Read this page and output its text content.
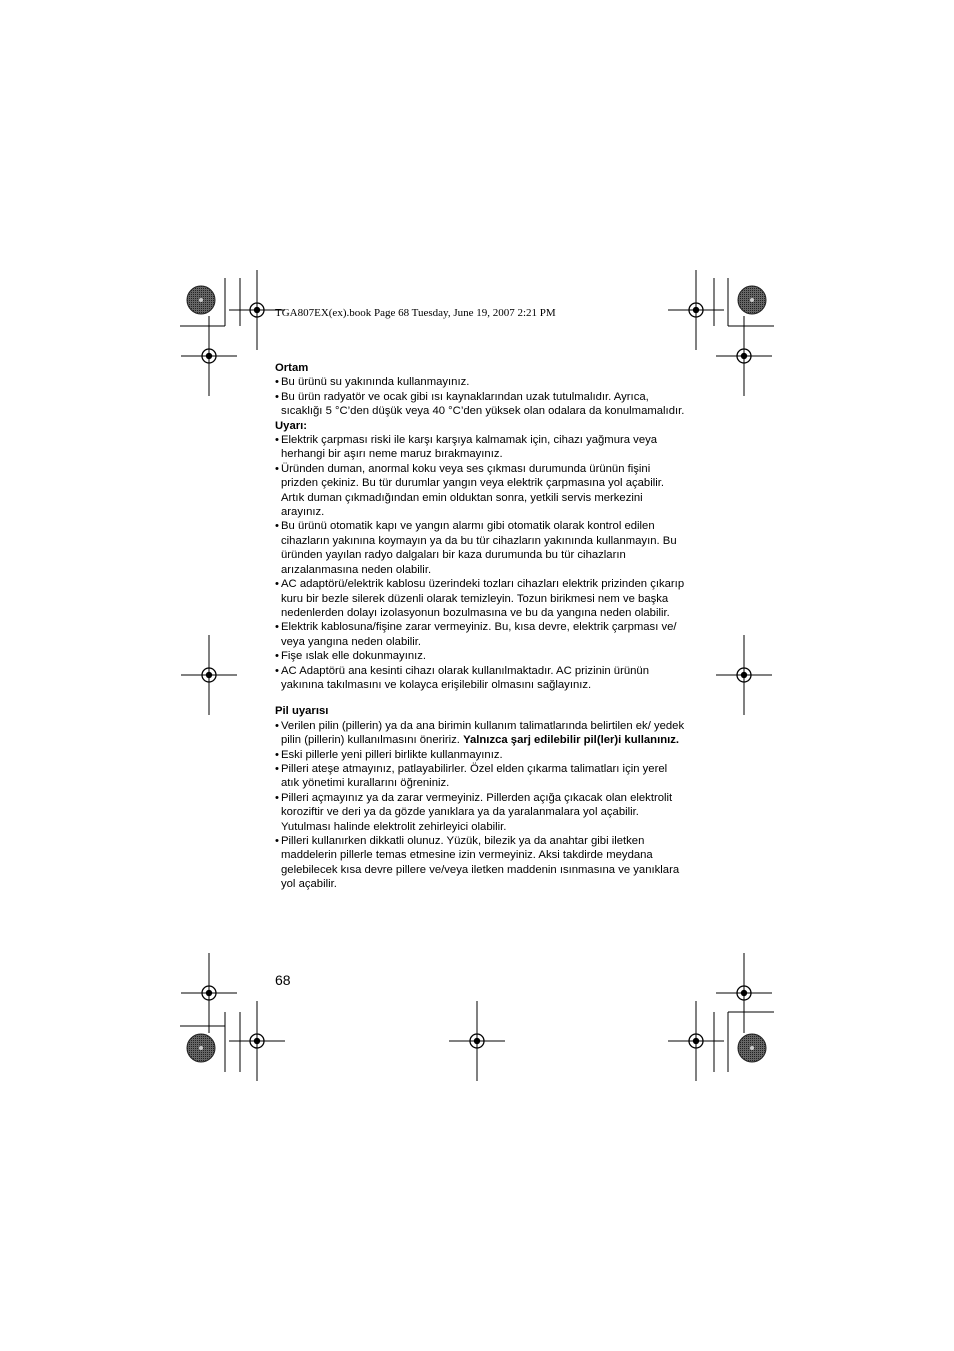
TGA807EX(ex).book Page 68 Tuesday, June 19, 2007 2:21 PM

Ortam

• Bu ürünü su yakınında kullanmayınız.
• Bu ürün radyatör ve ocak gibi ısı kaynaklarından uzak tutulmalıdır. Ayrıca, sıcaklığı 5 °C’den düşük veya 40 °C’den yüksek olan odalara da konulmamalıdır.

Uyarı:

• Elektrik çarpması riski ile karşı karşıya kalmamak için, cihazı yağmura veya herhangi bir aşırı neme maruz bırakmayınız.
• Üründen duman, anormal koku veya ses çıkması durumunda ürünün fişini prizden çekiniz. Bu tür durumlar yangın veya elektrik çarpmasına yol açabilir. Artık duman çıkmadığından emin olduktan sonra, yetkili servis merkezini arayınız.
• Bu ürünü otomatik kapı ve yangın alarmı gibi otomatik olarak kontrol edilen cihazların yakınına koymayın ya da bu tür cihazların yakınında kullanmayın. Bu üründen yayılan radyo dalgaları bir kaza durumunda bu tür cihazların arızalanmasına neden olabilir.
• AC adaptörü/elektrik kablosu üzerindeki tozları cihazları elektrik prizinden çıkarıp kuru bir bezle silerek düzenli olarak temizleyin. Tozun birikmesi nem ve başka nedenlerden dolayı izolasyonun bozulmasına ve bu da yangına neden olabilir.
• Elektrik kablosuna/fişine zarar vermeyiniz. Bu, kısa devre, elektrik çarpması ve/ veya yangına neden olabilir.
• Fişe ıslak elle dokunmayınız.
• AC Adaptörü ana kesinti cihazı olarak kullanılmaktadır. AC prizinin ürünün yakınına takılmasını ve kolayca erişilebilir olmasını sağlayınız.

Pil uyarısı

• Verilen pilin (pillerin) ya da ana birimin kullanım talimatlarında belirtilen ek/ yedek pilin (pillerin) kullanılmasını öneririz. Yalnızca şarj edilebilir pil(ler)i kullanınız.
• Eski pillerle yeni pilleri birlikte kullanmayınız.
• Pilleri ateşe atmayınız, patlayabilirler. Özel elden çıkarma talimatları için yerel atık yönetimi kurallarını öğreniniz.
• Pilleri açmayınız ya da zarar vermeyiniz. Pillerden açığa çıkacak olan elektrolit koroziftir ve deri ya da gözde yanıklara ya da yaralanmalara yol açabilir. Yutulması halinde elektrolit zehirleyici olabilir.
• Pilleri kullanırken dikkatli olunuz. Yüzük, bilezik ya da anahtar gibi iletken maddelerin pillerle temas etmesine izin vermeyiniz. Aksi takdirde meydana gelebilecek kısa devre pillere ve/veya iletken maddenin ısınmasına ve yanıklara yol açabilir.
68
